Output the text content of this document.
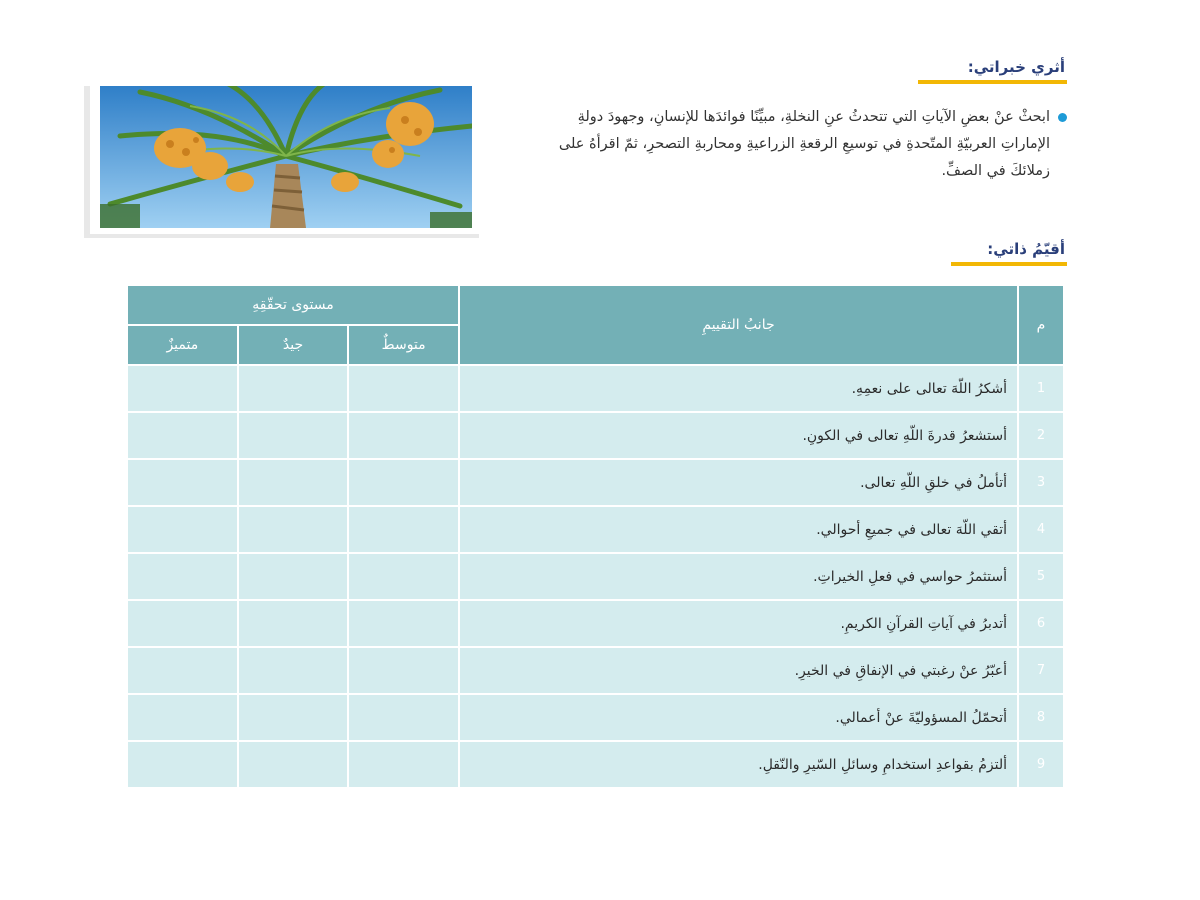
أثري خبراتي:
ابحثْ عنْ بعضِ الآياتِ التي تتحدثُ عنِ النخلةِ، مبيِّنًا فوائدَها للإنسانِ، وجهودَ دولةِ الإماراتِ العربيّةِ المتّحدةِ في توسيعِ الرقعةِ الزراعيةِ ومحاربةِ التصحرِ، ثمّ اقرأهُ على زملائكَ في الصفِّ.
أقيّمُ ذاتي:
م	جانبُ التقييمِ	مستوى تحقّقِهِ		
		متوسطٌ	جيدٌ	متميزٌ
1	أشكرُ اللّهَ تعالى على نعمِهِ.			
2	أستشعرُ قدرةَ اللّهِ تعالى في الكونِ.			
3	أتأملُ في خلقِ اللّهِ تعالى.			
4	أتقي اللّهَ تعالى في جميعِ أحوالي.			
5	أستثمرُ حواسي في فعلِ الخيراتِ.			
6	أتدبرُ في آياتِ القرآنِ الكريمِ.			
7	أعبّرُ عنْ رغبتي في الإنفاقِ في الخيرِ.			
8	أتحمّلُ المسؤوليّةَ عنْ أعمالي.			
9	ألتزمُ بقواعدِ استخدامِ وسائلِ السّيرِ والنّقلِ.			
